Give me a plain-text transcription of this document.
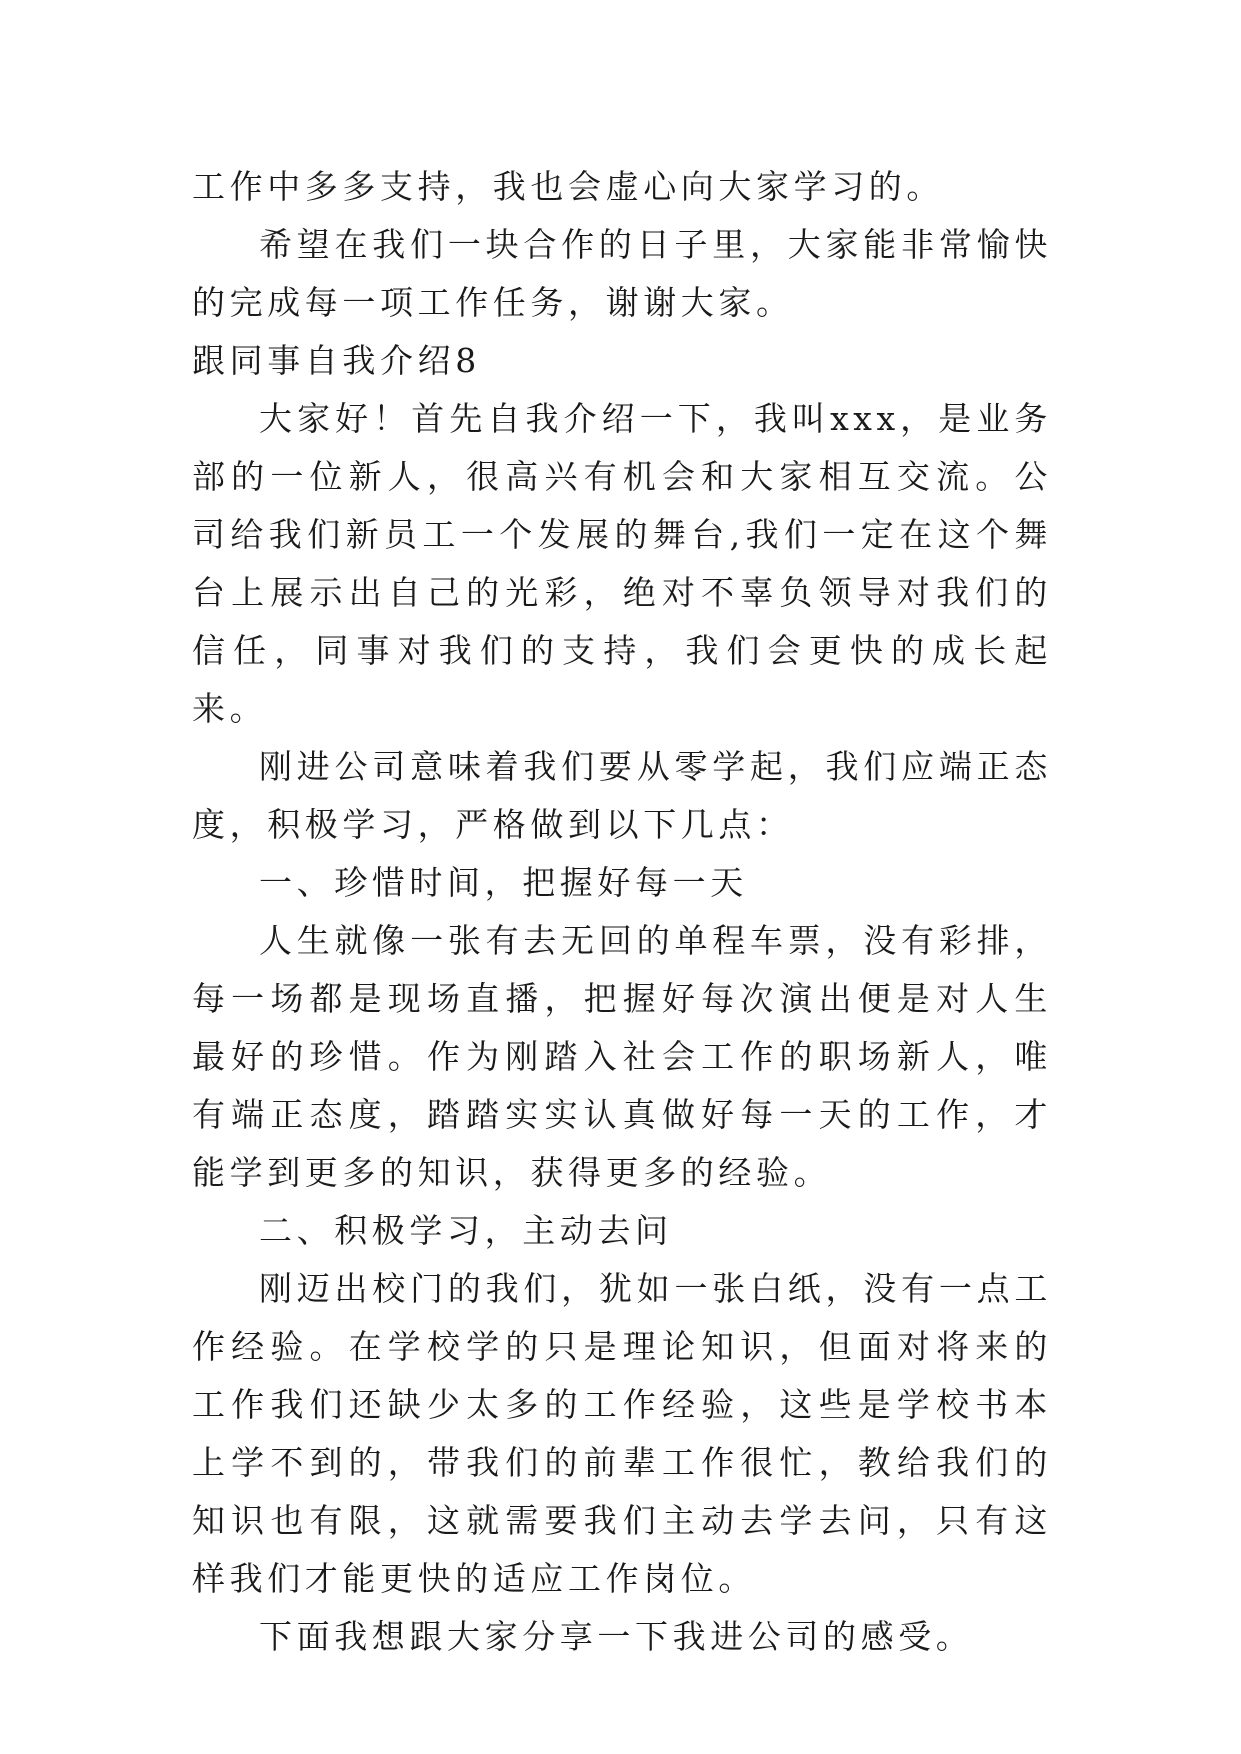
工作中多多支持，我也会虚心向大家学习的。

希望在我们一块合作的日子里，大家能非常愉快的完成每一项工作任务，谢谢大家。

跟同事自我介绍8

大家好！首先自我介绍一下，我叫xxx，是业务部的一位新人，很高兴有机会和大家相互交流。公司给我们新员工一个发展的舞台,我们一定在这个舞台上展示出自己的光彩，绝对不辜负领导对我们的信任，同事对我们的支持，我们会更快的成长起来。

刚进公司意味着我们要从零学起，我们应端正态度，积极学习，严格做到以下几点：

一、珍惜时间，把握好每一天

人生就像一张有去无回的单程车票，没有彩排，每一场都是现场直播，把握好每次演出便是对人生最好的珍惜。作为刚踏入社会工作的职场新人，唯有端正态度，踏踏实实认真做好每一天的工作，才能学到更多的知识，获得更多的经验。

二、积极学习，主动去问

刚迈出校门的我们，犹如一张白纸，没有一点工作经验。在学校学的只是理论知识，但面对将来的工作我们还缺少太多的工作经验，这些是学校书本上学不到的，带我们的前辈工作很忙，教给我们的知识也有限，这就需要我们主动去学去问，只有这样我们才能更快的适应工作岗位。

下面我想跟大家分享一下我进公司的感受。
